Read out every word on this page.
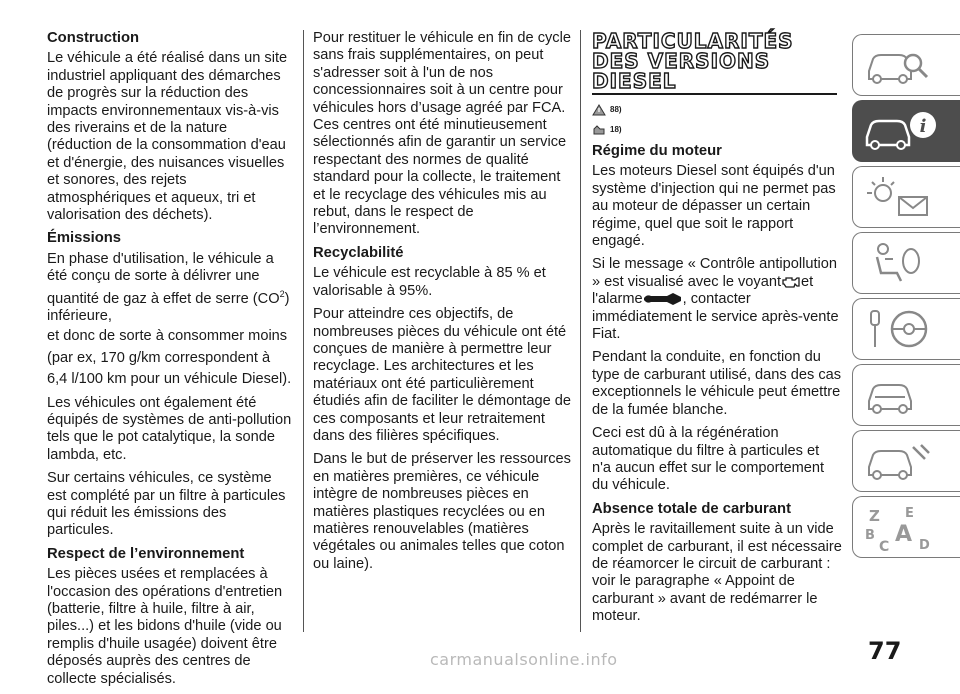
Construction

Le véhicule a été réalisé dans un site industriel appliquant des démarches de progrès sur la réduction des impacts environnementaux vis-à-vis des riverains et de la nature (réduction de la consommation d'eau et d'énergie, des nuisances visuelles et sonores, des rejets atmosphériques et aqueux, tri et valorisation des déchets).

Émissions

En phase d'utilisation, le véhicule a été conçu de sorte à délivrer une quantité de gaz à effet de serre $(CO^2)$ inférieure,

et donc de sorte à consommer moins

(par ex, 170 g/km correspondent à

6,4 l/100 km pour un véhicule Diesel).

Les véhicules ont également été équipés de systèmes de anti-pollution tels que le pot catalytique, la sonde lambda, etc.

Sur certains véhicules, ce système est complété par un filtre à particules qui réduit les émissions des particules.

Respect de l’environnement

Les pièces usées et remplacées à l'occasion des opérations d'entretien (batterie, filtre à huile, filtre à air, piles...) et les bidons d'huile (vide ou remplis d'huile usagée) doivent être déposés auprès des centres de collecte spécialisés.

Pour restituer le véhicule en fin de cycle sans frais supplémentaires, on peut s'adresser soit à l'un de nos concessionnaires soit à un centre pour véhicules hors d’usage agréé par FCA. Ces centres ont été minutieusement sélectionnés afin de garantir un service respectant des normes de qualité standard pour la collecte, le traitement et le recyclage des véhicules mis au rebut, dans le respect de l’environnement.

Recyclabilité

Le véhicule est recyclable à 85 % et valorisable à 95%.

Pour atteindre ces objectifs, de nombreuses pièces du véhicule ont été conçues de manière à permettre leur recyclage. Les architectures et les matériaux ont été particulièrement étudiés afin de faciliter le démontage de ces composants et leur retraitement dans des filières spécifiques.

Dans le but de préserver les ressources en matières premières, ce véhicule intègre de nombreuses pièces en matières plastiques recyclées ou en matières renouvelables (matières végétales ou animales telles que coton ou laine).

PARTICULARITÉS
DES VERSIONS
DIESEL
88)
18)
Régime du moteur

Les moteurs Diesel sont équipés d'un système d'injection qui ne permet pas au moteur de dépasser un certain régime, quel que soit le rapport engagé.

Si le message « Contrôle antipollution » est visualisé avec le voyant et l'alarme	, contacter immédiatement le service après-vente Fiat.

Pendant la conduite, en fonction du type de carburant utilisé, dans des cas exceptionnels le véhicule peut émettre de la fumée blanche.

Ceci est dû à la régénération automatique du filtre à particules et n'a aucun effet sur le comportement du véhicule.

Absence totale de carburant

Après le ravitaillement suite à un vide complet de carburant, il est nécessaire de réamorcer le circuit de carburant : voir le paragraphe « Appoint de carburant » avant de redémarrer le moteur.

i
Z E
B A
C D
77
carmanualsonline.info
